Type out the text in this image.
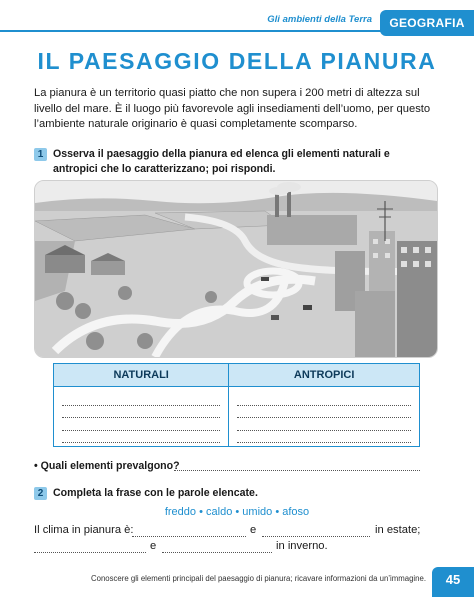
Gli ambienti della Terra	GEOGRAFIA
IL PAESAGGIO DELLA PIANURA
La pianura è un territorio quasi piatto che non supera i 200 metri di altezza sul livello del mare. È il luogo più favorevole agli insediamenti dell’uomo, per questo l’ambiente naturale originario è quasi completamente scomparso.
1 Osserva il paesaggio della pianura ed elenca gli elementi naturali e antropici che lo caratterizzano; poi rispondi.
NATURALI	ANTROPICI

• Quali elementi prevalgono?
2 Completa la frase con le parole elencate.
freddo • caldo • umido • afoso
Il clima in pianura è:	e	in estate;
e	in inverno.
Conoscere gli elementi principali del paesaggio di pianura; ricavare informazioni da un’immagine.	45
